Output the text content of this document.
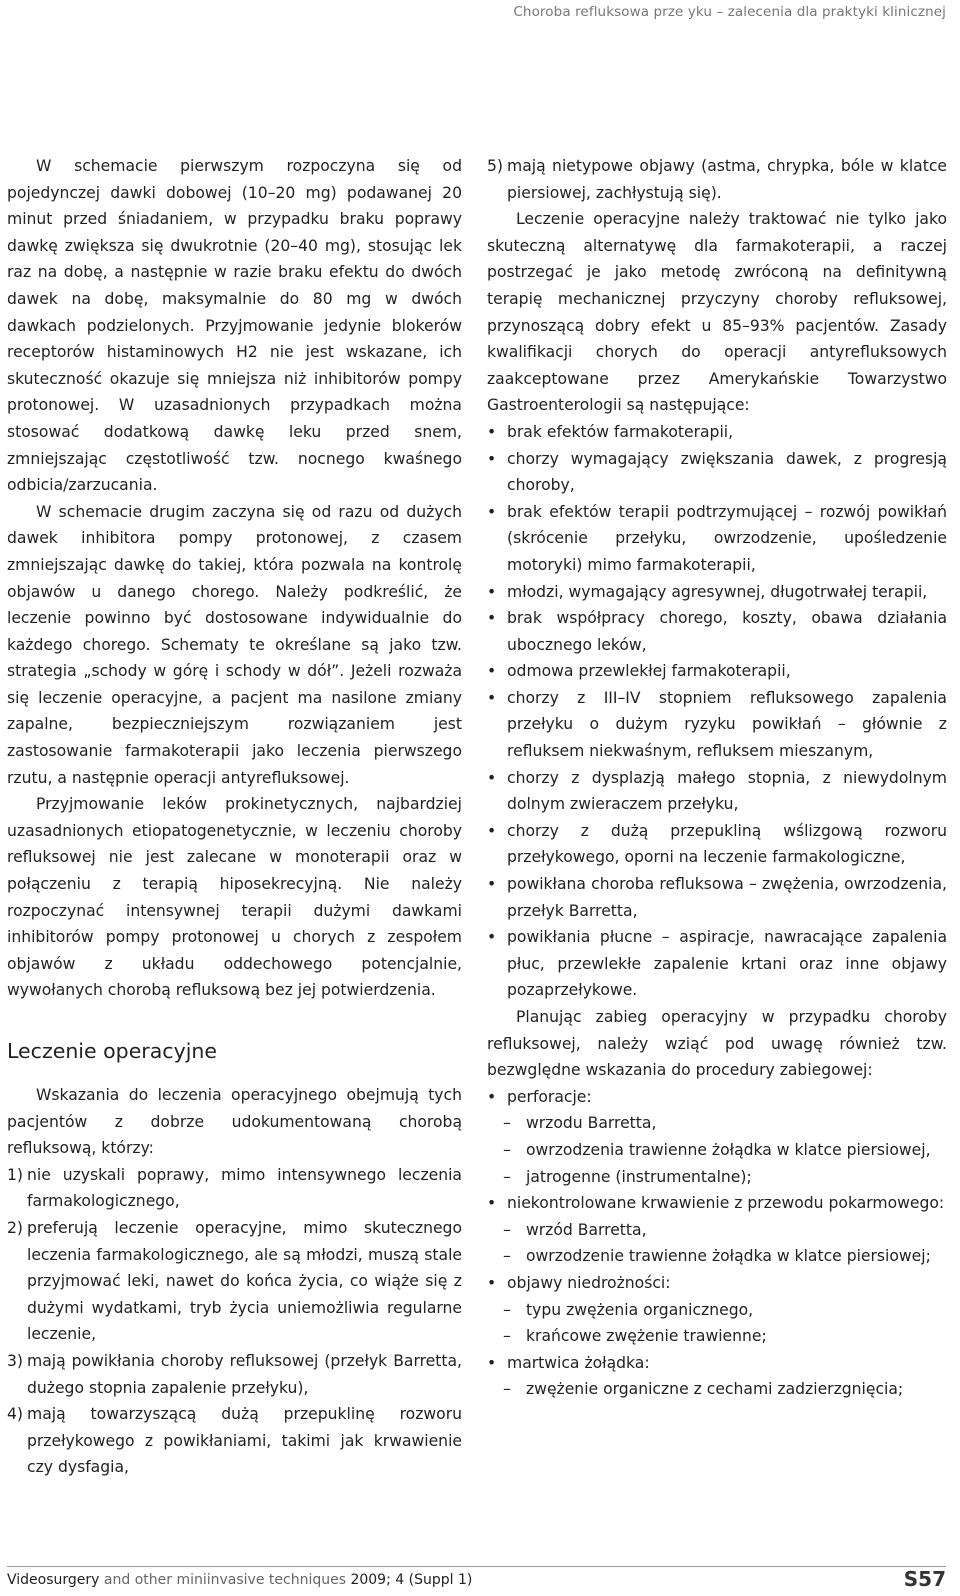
Choroba refluksowa prze yku – zalecenia dla praktyki klinicznej

W schemacie pierwszym rozpoczyna się od pojedynczej dawki dobowej (10–20 mg) podawanej 20 minut przed śniadaniem, w przypadku braku poprawy dawkę zwiększa się dwukrotnie (20–40 mg), stosując lek raz na dobę, a następnie w razie braku efektu do dwóch dawek na dobę, maksymalnie do 80 mg w dwóch dawkach podzielonych. Przyjmowanie jedynie blokerów receptorów histaminowych H2 nie jest wskazane, ich skuteczność okazuje się mniejsza niż inhibitorów pompy protonowej. W uzasadnionych przypadkach można stosować dodatkową dawkę leku przed snem, zmniejszając częstotliwość tzw. nocnego kwaśnego odbicia/zarzucania.

W schemacie drugim zaczyna się od razu od dużych dawek inhibitora pompy protonowej, z czasem zmniejszając dawkę do takiej, która pozwala na kontrolę objawów u danego chorego. Należy podkreślić, że leczenie powinno być dostosowane indywidualnie do każdego chorego. Schematy te określane są jako tzw. strategia „schody w górę i schody w dół”. Jeżeli rozważa się leczenie operacyjne, a pacjent ma nasilone zmiany zapalne, bezpieczniejszym rozwiązaniem jest zastosowanie farmakoterapii jako leczenia pierwszego rzutu, a następnie operacji antyrefluksowej.

Przyjmowanie leków prokinetycznych, najbardziej uzasadnionych etiopatogenetycznie, w leczeniu choroby refluksowej nie jest zalecane w monoterapii oraz w połączeniu z terapią hiposekrecyjną. Nie należy rozpoczynać intensywnej terapii dużymi dawkami inhibitorów pompy protonowej u chorych z zespołem objawów z układu oddechowego potencjalnie, wywołanych chorobą refluksową bez jej potwierdzenia.

Leczenie operacyjne

Wskazania do leczenia operacyjnego obejmują tych pacjentów z dobrze udokumentowaną chorobą refluksową, którzy:

1) nie uzyskali poprawy, mimo intensywnego leczenia farmakologicznego,
2) preferują leczenie operacyjne, mimo skutecznego leczenia farmakologicznego, ale są młodzi, muszą stale przyjmować leki, nawet do końca życia, co wiąże się z dużymi wydatkami, tryb życia uniemożliwia regularne leczenie,
3) mają powikłania choroby refluksowej (przełyk Barretta, dużego stopnia zapalenie przełyku),
4) mają towarzyszącą dużą przepuklinę rozworu przełykowego z powikłaniami, takimi jak krwawienie czy dysfagia,
5) mają nietypowe objawy (astma, chrypka, bóle w klatce piersiowej, zachłystują się).

Leczenie operacyjne należy traktować nie tylko jako skuteczną alternatywę dla farmakoterapii, a raczej postrzegać je jako metodę zwróconą na definitywną terapię mechanicznej przyczyny choroby refluksowej, przynoszącą dobry efekt u 85–93% pacjentów. Zasady kwalifikacji chorych do operacji antyrefluksowych zaakceptowane przez Amerykańskie Towarzystwo Gastroenterologii są następujące:

• brak efektów farmakoterapii,
• chorzy wymagający zwiększania dawek, z progresją choroby,
• brak efektów terapii podtrzymującej – rozwój powikłań (skrócenie przełyku, owrzodzenie, upośledzenie motoryki) mimo farmakoterapii,
• młodzi, wymagający agresywnej, długotrwałej terapii,
• brak współpracy chorego, koszty, obawa działania ubocznego leków,
• odmowa przewlekłej farmakoterapii,
• chorzy z III–IV stopniem refluksowego zapalenia przełyku o dużym ryzyku powikłań – głównie z refluksem niekwaśnym, refluksem mieszanym,
• chorzy z dysplazją małego stopnia, z niewydolnym dolnym zwieraczem przełyku,
• chorzy z dużą przepukliną wślizgową rozworu przełykowego, oporni na leczenie farmakologiczne,
• powikłana choroba refluksowa – zwężenia, owrzodzenia, przełyk Barretta,
• powikłania płucne – aspiracje, nawracające zapalenia płuc, przewlekłe zapalenie krtani oraz inne objawy pozaprzełykowe.

Planując zabieg operacyjny w przypadku choroby refluksowej, należy wziąć pod uwagę również tzw. bezwględne wskazania do procedury zabiegowej:

• perforacje:
– wrzodu Barretta,
– owrzodzenia trawienne żołądka w klatce piersiowej,
– jatrogenne (instrumentalne);
• niekontrolowane krwawienie z przewodu pokarmowego:
– wrzód Barretta,
– owrzodzenie trawienne żołądka w klatce piersiowej;
• objawy niedrożności:
– typu zwężenia organicznego,
– krańcowe zwężenie trawienne;
• martwica żołądka:
– zwężenie organiczne z cechami zadzierzgnięcia;
Videosurgery and other miniinvasive techniques 2009; 4 (Suppl 1)	S57
